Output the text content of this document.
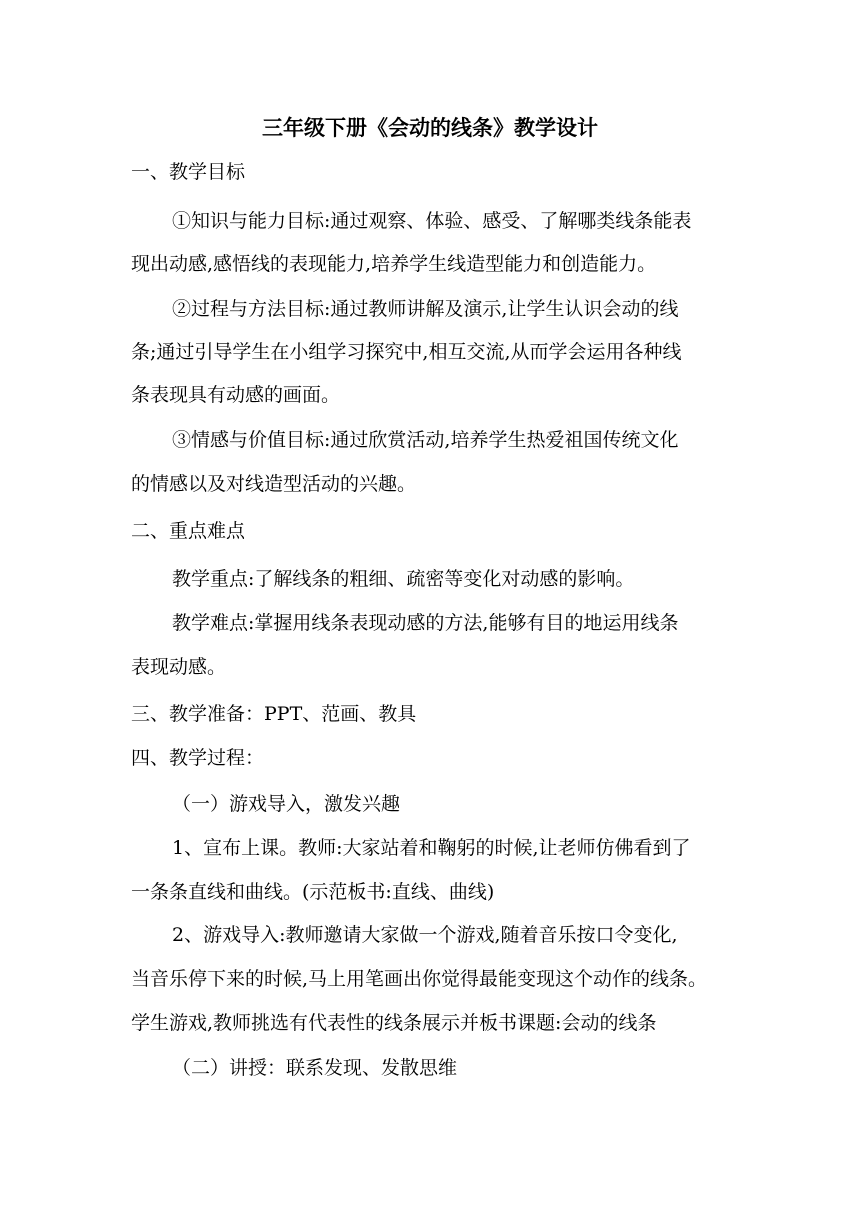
三年级下册《会动的线条》教学设计
一、教学目标
①知识与能力目标:通过观察、体验、感受、了解哪类线条能表
现出动感,感悟线的表现能力,培养学生线造型能力和创造能力。
②过程与方法目标:通过教师讲解及演示,让学生认识会动的线
条;通过引导学生在小组学习探究中,相互交流,从而学会运用各种线
条表现具有动感的画面。
③情感与价值目标:通过欣赏活动,培养学生热爱祖国传统文化
的情感以及对线造型活动的兴趣。
二、重点难点
教学重点:了解线条的粗细、疏密等变化对动感的影响。
教学难点:掌握用线条表现动感的方法,能够有目的地运用线条
表现动感。
三、教学准备：PPT、范画、教具
四、教学过程：
（一）游戏导入，激发兴趣
1、宣布上课。教师:大家站着和鞠躬的时候,让老师仿佛看到了
一条条直线和曲线。(示范板书:直线、曲线)
2、游戏导入:教师邀请大家做一个游戏,随着音乐按口令变化,
当音乐停下来的时候,马上用笔画出你觉得最能变现这个动作的线条。
学生游戏,教师挑选有代表性的线条展示并板书课题:会动的线条
（二）讲授：联系发现、发散思维
